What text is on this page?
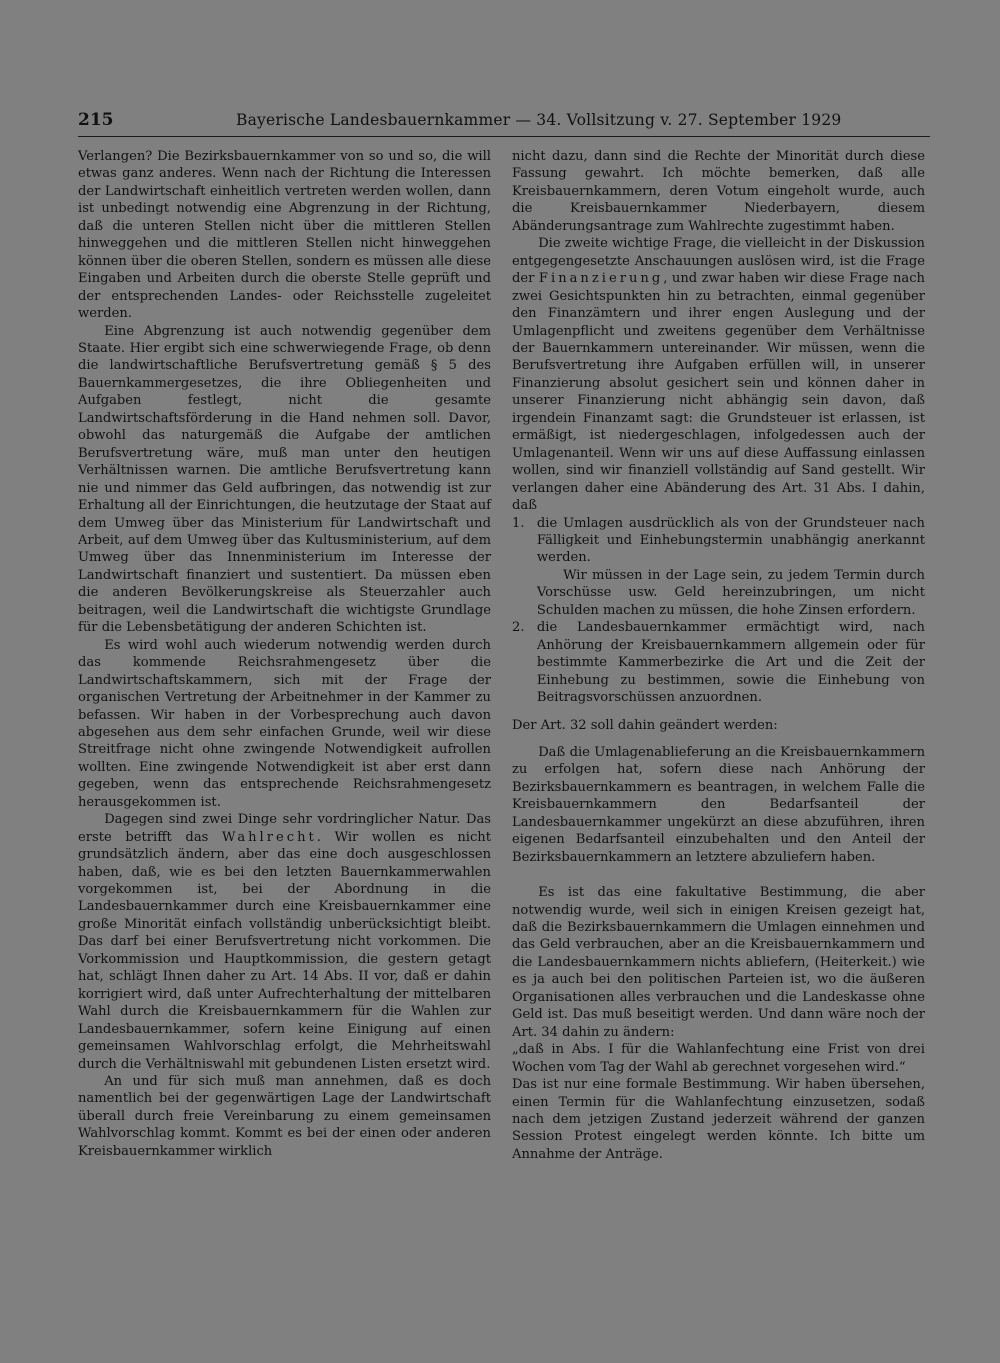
215	Bayerische Landesbauernkammer — 34. Vollsitzung v. 27. September 1929

Verlangen? Die Bezirksbauernkammer von so und so, die will etwas ganz anderes. Wenn nach der Richtung die Interessen der Landwirtschaft einheitlich vertreten werden wollen, dann ist unbedingt notwendig eine Abgrenzung in der Richtung, daß die unteren Stellen nicht über die mittleren Stellen hinweggehen und die mittleren Stellen nicht hinweggehen können über die oberen Stellen, sondern es müssen alle diese Eingaben und Arbeiten durch die oberste Stelle geprüft und der entsprechenden Landes- oder Reichsstelle zugeleitet werden.

Eine Abgrenzung ist auch notwendig gegenüber dem Staate. Hier ergibt sich eine schwerwiegende Frage, ob denn die landwirtschaftliche Berufsvertretung gemäß § 5 des Bauernkammergesetzes, die ihre Obliegenheiten und Aufgaben festlegt, nicht die gesamte Landwirtschaftsförderung in die Hand nehmen soll. Davor, obwohl das naturgemäß die Aufgabe der amtlichen Berufsvertretung wäre, muß man unter den heutigen Verhältnissen warnen. Die amtliche Berufsvertretung kann nie und nimmer das Geld aufbringen, das notwendig ist zur Erhaltung all der Einrichtungen, die heutzutage der Staat auf dem Umweg über das Ministerium für Landwirtschaft und Arbeit, auf dem Umweg über das Kultusministerium, auf dem Umweg über das Innenministerium im Interesse der Landwirtschaft finanziert und sustentiert. Da müssen eben die anderen Bevölkerungskreise als Steuerzahler auch beitragen, weil die Landwirtschaft die wichtigste Grundlage für die Lebensbetätigung der anderen Schichten ist.

Es wird wohl auch wiederum notwendig werden durch das kommende Reichsrahmengesetz über die Landwirtschaftskammern, sich mit der Frage der organischen Vertretung der Arbeitnehmer in der Kammer zu befassen. Wir haben in der Vorbesprechung auch davon abgesehen aus dem sehr einfachen Grunde, weil wir diese Streitfrage nicht ohne zwingende Notwendigkeit aufrollen wollten. Eine zwingende Notwendigkeit ist aber erst dann gegeben, wenn das entsprechende Reichsrahmengesetz herausgekommen ist.

Dagegen sind zwei Dinge sehr vordringlicher Natur. Das erste betrifft das Wahlrecht. Wir wollen es nicht grundsätzlich ändern, aber das eine doch ausgeschlossen haben, daß, wie es bei den letzten Bauernkammerwahlen vorgekommen ist, bei der Abordnung in die Landesbauernkammer durch eine Kreisbauernkammer eine große Minorität einfach vollständig unberücksichtigt bleibt. Das darf bei einer Berufsvertretung nicht vorkommen. Die Vorkommission und Hauptkommission, die gestern getagt hat, schlägt Ihnen daher zu Art. 14 Abs. II vor, daß er dahin korrigiert wird, daß unter Aufrechterhaltung der mittelbaren Wahl durch die Kreisbauernkammern für die Wahlen zur Landesbauernkammer, sofern keine Einigung auf einen gemeinsamen Wahlvorschlag erfolgt, die Mehrheitswahl durch die Verhältniswahl mit gebundenen Listen ersetzt wird.

An und für sich muß man annehmen, daß es doch namentlich bei der gegenwärtigen Lage der Landwirtschaft überall durch freie Vereinbarung zu einem gemeinsamen Wahlvorschlag kommt. Kommt es bei der einen oder anderen Kreisbauernkammer wirklich

nicht dazu, dann sind die Rechte der Minorität durch diese Fassung gewahrt. Ich möchte bemerken, daß alle Kreisbauernkammern, deren Votum eingeholt wurde, auch die Kreisbauernkammer Niederbayern, diesem Abänderungsantrage zum Wahlrechte zugestimmt haben.

Die zweite wichtige Frage, die vielleicht in der Diskussion entgegengesetzte Anschauungen auslösen wird, ist die Frage der Finanzierung, und zwar haben wir diese Frage nach zwei Gesichtspunkten hin zu betrachten, einmal gegenüber den Finanzämtern und ihrer engen Auslegung und der Umlagenpflicht und zweitens gegenüber dem Verhältnisse der Bauernkammern untereinander. Wir müssen, wenn die Berufsvertretung ihre Aufgaben erfüllen will, in unserer Finanzierung absolut gesichert sein und können daher in unserer Finanzierung nicht abhängig sein davon, daß irgendein Finanzamt sagt: die Grundsteuer ist erlassen, ist ermäßigt, ist niedergeschlagen, infolgedessen auch der Umlagenanteil. Wenn wir uns auf diese Auffassung einlassen wollen, sind wir finanziell vollständig auf Sand gestellt. Wir verlangen daher eine Abänderung des Art. 31 Abs. I dahin, daß

1. die Umlagen ausdrücklich als von der Grundsteuer nach Fälligkeit und Einhebungstermin unabhängig anerkannt werden.

Wir müssen in der Lage sein, zu jedem Termin durch Vorschüsse usw. Geld hereinzubringen, um nicht Schulden machen zu müssen, die hohe Zinsen erfordern.

2. die Landesbauernkammer ermächtigt wird, nach Anhörung der Kreisbauernkammern allgemein oder für bestimmte Kammerbezirke die Art und die Zeit der Einhebung zu bestimmen, sowie die Einhebung von Beitragsvorschüssen anzuordnen.

Der Art. 32 soll dahin geändert werden:

Daß die Umlagenablieferung an die Kreisbauernkammern zu erfolgen hat, sofern diese nach Anhörung der Bezirksbauernkammern es beantragen, in welchem Falle die Kreisbauernkammern den Bedarfsanteil der Landesbauernkammer ungekürzt an diese abzuführen, ihren eigenen Bedarfsanteil einzubehalten und den Anteil der Bezirksbauernkammern an letztere abzuliefern haben.

Es ist das eine fakultative Bestimmung, die aber notwendig wurde, weil sich in einigen Kreisen gezeigt hat, daß die Bezirksbauernkammern die Umlagen einnehmen und das Geld verbrauchen, aber an die Kreisbauernkammern und die Landesbauernkammern nichts abliefern, (Heiterkeit.) wie es ja auch bei den politischen Parteien ist, wo die äußeren Organisationen alles verbrauchen und die Landeskasse ohne Geld ist. Das muß beseitigt werden. Und dann wäre noch der Art. 34 dahin zu ändern:

„daß in Abs. I für die Wahlanfechtung eine Frist von drei Wochen vom Tag der Wahl ab gerechnet vorgesehen wird.“

Das ist nur eine formale Bestimmung. Wir haben übersehen, einen Termin für die Wahlanfechtung einzusetzen, sodaß nach dem jetzigen Zustand jederzeit während der ganzen Session Protest eingelegt werden könnte. Ich bitte um Annahme der Anträge.
